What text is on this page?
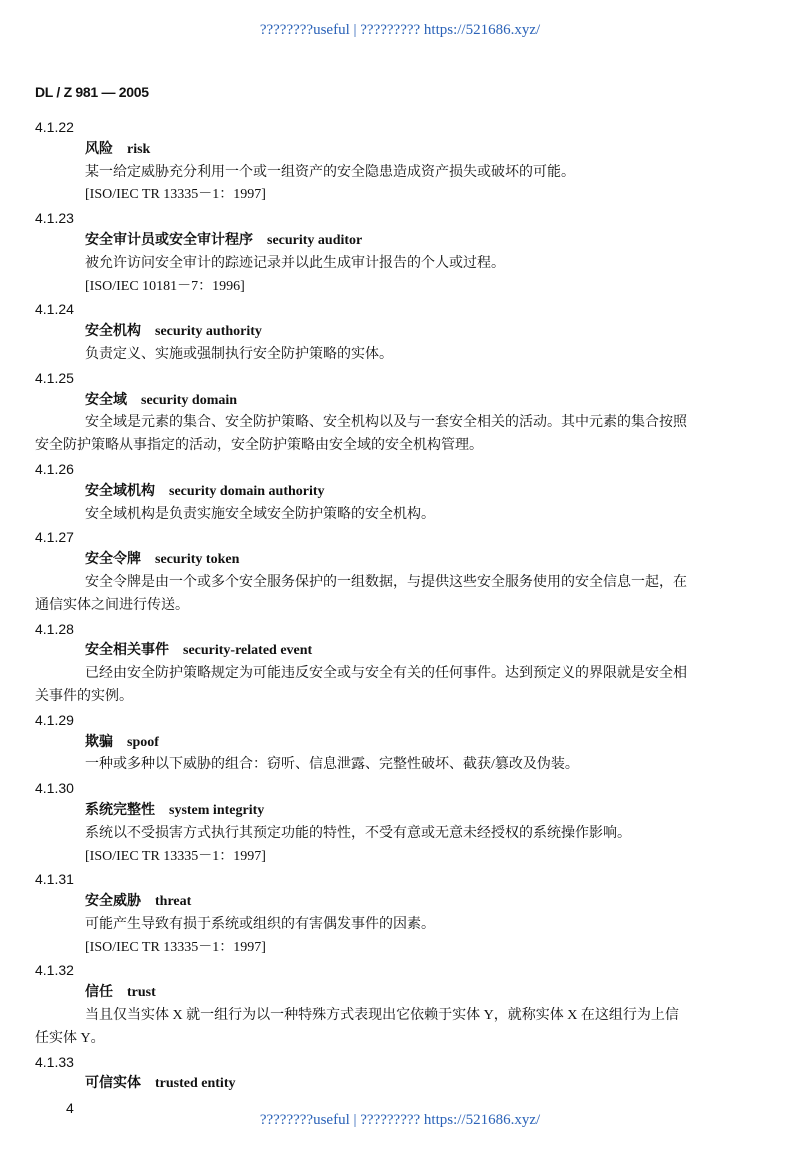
????????useful | ????????? https://521686.xyz/
DL / Z 981 — 2005
4.1.22
风险 risk
某一给定威胁充分利用一个或一组资产的安全隐患造成资产损失或破坏的可能。
[ISO/IEC TR 13335－1：1997]
4.1.23
安全审计员或安全审计程序 security auditor
被允许访问安全审计的踪迹记录并以此生成审计报告的个人或过程。
[ISO/IEC 10181－7：1996]
4.1.24
安全机构 security authority
负责定义、实施或强制执行安全防护策略的实体。
4.1.25
安全域 security domain
安全域是元素的集合、安全防护策略、安全机构以及与一套安全相关的活动。其中元素的集合按照
安全防护策略从事指定的活动，安全防护策略由安全域的安全机构管理。
4.1.26
安全域机构 security domain authority
安全域机构是负责实施安全域安全防护策略的安全机构。
4.1.27
安全令牌 security token
安全令牌是由一个或多个安全服务保护的一组数据，与提供这些安全服务使用的安全信息一起，在
通信实体之间进行传送。
4.1.28
安全相关事件 security-related event
已经由安全防护策略规定为可能违反安全或与安全有关的任何事件。达到预定义的界限就是安全相
关事件的实例。
4.1.29
欺骗 spoof
一种或多种以下威胁的组合：窃听、信息泄露、完整性破坏、截获/篡改及伪装。
4.1.30
系统完整性 system integrity
系统以不受损害方式执行其预定功能的特性，不受有意或无意未经授权的系统操作影响。
[ISO/IEC TR 13335－1：1997]
4.1.31
安全威胁 threat
可能产生导致有损于系统或组织的有害偶发事件的因素。
[ISO/IEC TR 13335－1：1997]
4.1.32
信任 trust
当且仅当实体 X 就一组行为以一种特殊方式表现出它依赖于实体 Y，就称实体 X 在这组行为上信
任实体 Y。
4.1.33
可信实体 trusted entity
4
????????useful | ????????? https://521686.xyz/
